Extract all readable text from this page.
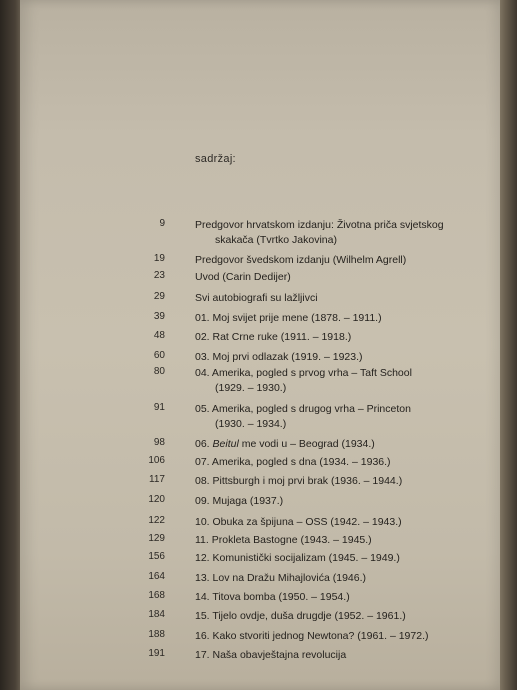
sadržaj:
9	Predgovor hrvatskom izdanju: Životna priča svjetskog
skakača (Tvrtko Jakovina)
19	Predgovor švedskom izdanju (Wilhelm Agrell)
23	Uvod (Carin Dedijer)
29	Svi autobiografi su lažljivci
39	01. Moj svijet prije mene (1878. – 1911.)
48	02. Rat Crne ruke (1911. – 1918.)
60	03. Moj prvi odlazak (1919. – 1923.)
80	04. Amerika, pogled s prvog vrha – Taft School
(1929. – 1930.)
91	05. Amerika, pogled s drugog vrha – Princeton
(1930. – 1934.)
98	06. Beitul me vodi u – Beograd (1934.)
106	07. Amerika, pogled s dna (1934. – 1936.)
117	08. Pittsburgh i moj prvi brak (1936. – 1944.)
120	09. Mujaga (1937.)
122	10. Obuka za špijuna – OSS (1942. – 1943.)
129	11. Prokleta Bastogne (1943. – 1945.)
156	12. Komunistički socijalizam (1945. – 1949.)
164	13. Lov na Dražu Mihajlovića (1946.)
168	14. Titova bomba (1950. – 1954.)
184	15. Tijelo ovdje, duša drugdje (1952. – 1961.)
188	16. Kako stvoriti jednog Newtona? (1961. – 1972.)
191	17. Naša obavještajna revolucija
